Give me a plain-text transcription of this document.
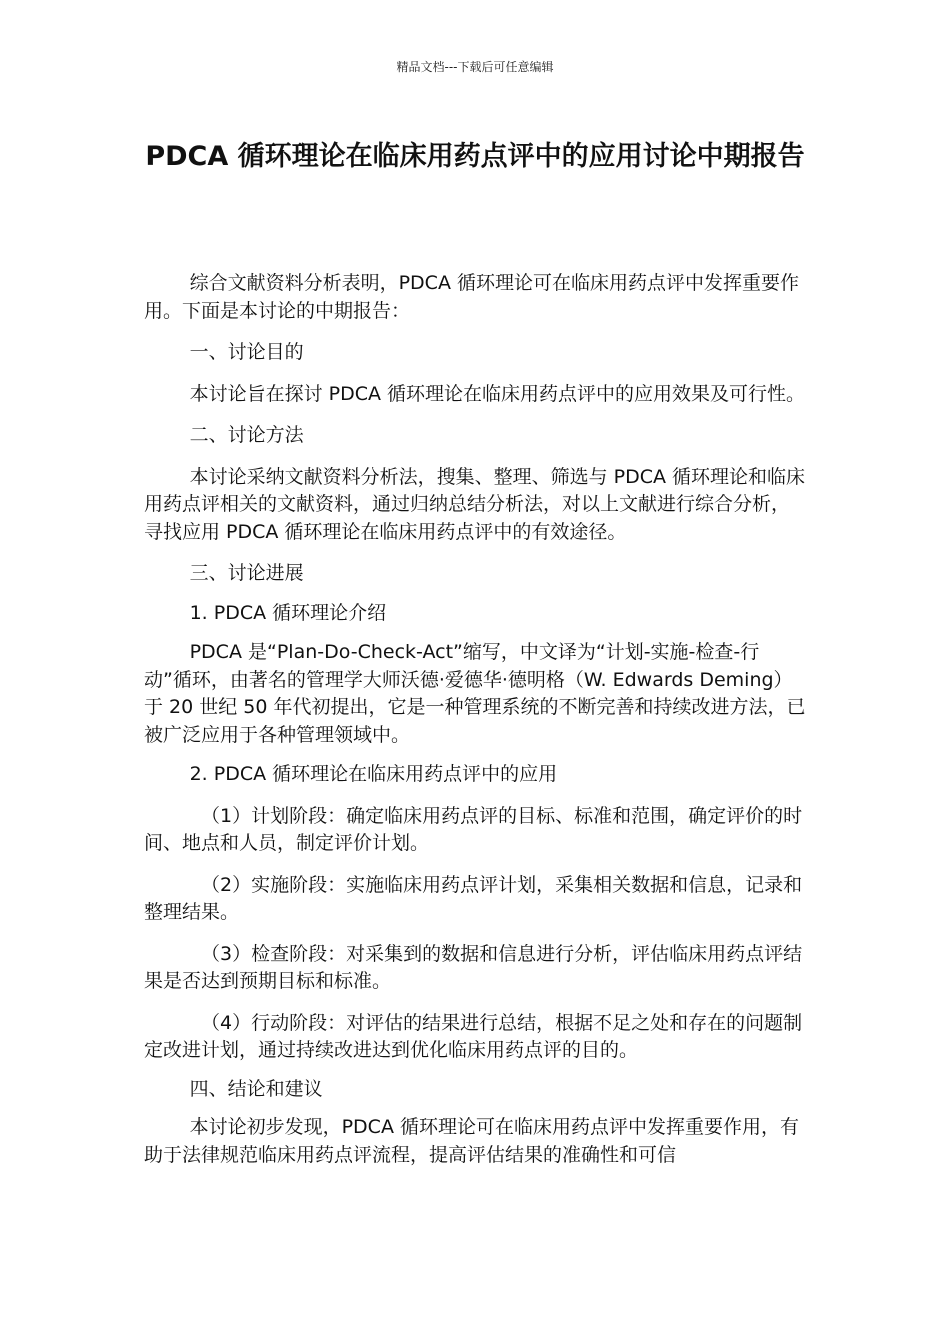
精品文档---下载后可任意编辑
PDCA 循环理论在临床用药点评中的应用讨论中期报告

综合文献资料分析表明，PDCA 循环理论可在临床用药点评中发挥重要作用。下面是本讨论的中期报告：

一、讨论目的

本讨论旨在探讨 PDCA 循环理论在临床用药点评中的应用效果及可行性。

二、讨论方法

本讨论采纳文献资料分析法，搜集、整理、筛选与 PDCA 循环理论和临床用药点评相关的文献资料，通过归纳总结分析法，对以上文献进行综合分析，寻找应用 PDCA 循环理论在临床用药点评中的有效途径。

三、讨论进展

1. PDCA 循环理论介绍

PDCA 是“Plan-Do-Check-Act”缩写，中文译为“计划-实施-检查-行动”循环，由著名的管理学大师沃德·爱德华·德明格（W. Edwards Deming）于 20 世纪 50 年代初提出，它是一种管理系统的不断完善和持续改进方法，已被广泛应用于各种管理领域中。

2. PDCA 循环理论在临床用药点评中的应用

（1）计划阶段：确定临床用药点评的目标、标准和范围，确定评价的时间、地点和人员，制定评价计划。

（2）实施阶段：实施临床用药点评计划，采集相关数据和信息，记录和整理结果。

（3）检查阶段：对采集到的数据和信息进行分析，评估临床用药点评结果是否达到预期目标和标准。

（4）行动阶段：对评估的结果进行总结，根据不足之处和存在的问题制定改进计划，通过持续改进达到优化临床用药点评的目的。

四、结论和建议

本讨论初步发现，PDCA 循环理论可在临床用药点评中发挥重要作用，有助于法律规范临床用药点评流程，提高评估结果的准确性和可信
